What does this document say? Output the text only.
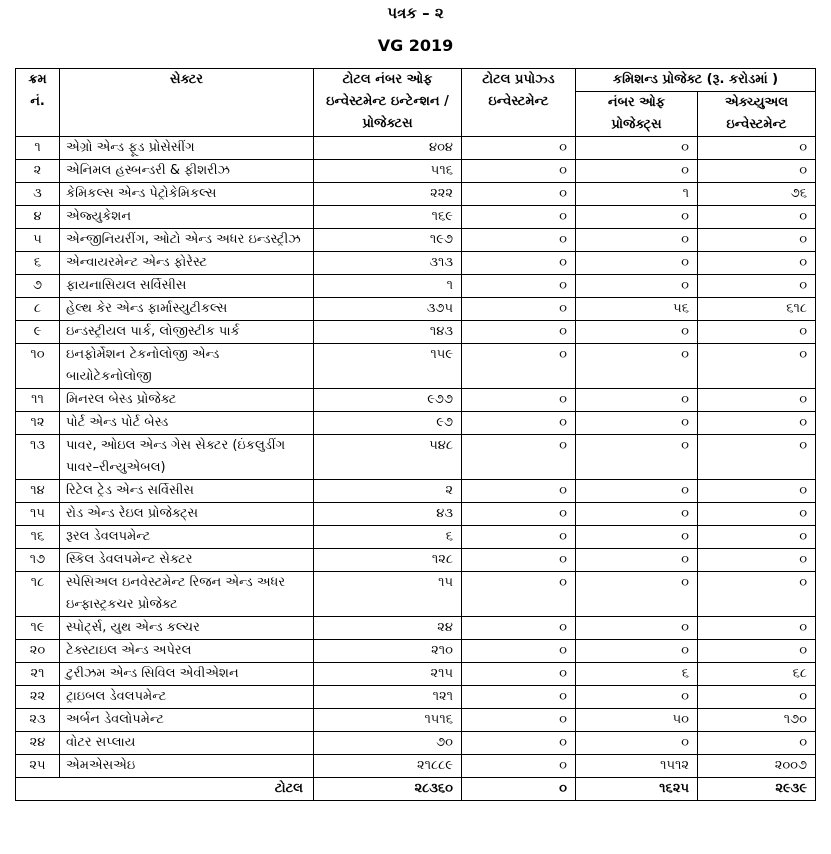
પત્રક – ૨
VG 2019
ક્રમ નં.	સેક્ટર	ટોટલ નંબર ઓફ ઇન્વેસ્ટમેન્ટ ઇન્ટેન્શન / પ્રોજેક્ટસ	ટોટલ પ્રપોઝ્ડ ઇન્વેસ્ટમેન્ટ	કમિશન્ડ પ્રોજેક્ટ (રૂ. કરોડમાં )	
				નંબર ઓફ પ્રોજેક્ટ્સ	એક્ચ્યુઅલ ઇન્વેસ્ટમેન્ટ
૧	એગ્રો એન્ડ ફૂડ પ્રોસેસીંગ	૪૦૪	૦	૦	૦
૨	એનિમલ હસ્બન્ડરી & ફીશરીઝ	૫૧૬	૦	૦	૦
૩	કેમિકલ્સ એન્ડ પેટ્રોકેમિકલ્સ	૨૨૨	૦	૧	૭૬
૪	એજ્યુકેશન	૧૬૯	૦	૦	૦
૫	એન્જીનિયરીંગ, ઓટો એન્ડ અધર ઇન્ડસ્ટ્રીઝ	૧૯૭	૦	૦	૦
૬	એન્વાયરમેન્ટ એન્ડ ફોરેસ્ટ	૩૧૩	૦	૦	૦
૭	ફાયનાસિયલ સર્વિસીસ	૧	૦	૦	૦
૮	હેલ્થ કેર એન્ડ ફાર્માસ્યુટીકલ્સ	૩૭૫	૦	૫૬	૬૧૮
૯	ઇન્ડસ્ટ્રીયલ પાર્ક, લોજીસ્ટીક પાર્ક	૧૪૩	૦	૦	૦
૧૦	ઇનફોર્મેશન ટેકનોલોજી એન્ડ બાયોટેકનોલોજી	૧૫૯	૦	૦	૦
૧૧	મિનરલ બેસ્ડ પ્રોજેક્ટ	૯૭૭	૦	૦	૦
૧૨	પોર્ટ એન્ડ પોર્ટ બેસ્ડ	૯૭	૦	૦	૦
૧૩	પાવર, ઓઇલ એન્ડ ગેસ સેક્ટર (ઇંકલુડીંગ પાવર–રીન્યુએબલ)	૫૪૮	૦	૦	૦
૧૪	રિટેલ ટ્રેડ એન્ડ સર્વિસીસ	૨	૦	૦	૦
૧૫	રોડ એન્ડ રેઇલ પ્રોજેક્ટ્સ	૪૩	૦	૦	૦
૧૬	રૂરલ ડેવલપમેન્ટ	૬	૦	૦	૦
૧૭	સ્કિલ ડેવલપમેન્ટ સેક્ટર	૧૨૮	૦	૦	૦
૧૮	સ્પેસિઅલ ઇનવેસ્ટમેન્ટ રિજન એન્ડ અધર ઇન્ફાસ્ટ્રકચર પ્રોજેક્ટ	૧૫	૦	૦	૦
૧૯	સ્પોર્ટ્સ, યુથ એન્ડ કલ્ચર	૨૪	૦	૦	૦
૨૦	ટેક્સ્ટાઇલ એન્ડ અપેરલ	૨૧૦	૦	૦	૦
૨૧	ટુરીઝમ એન્ડ સિવિલ એવીએશન	૨૧૫	૦	૬	૬૮
૨૨	ટ્રાઇબલ ડેવલપમેન્ટ	૧૨૧	૦	૦	૦
૨૩	અર્બન ડેવલોપમેન્ટ	૧૫૧૬	૦	૫૦	૧૭૦
૨૪	વોટર સપ્લાય	૭૦	૦	૦	૦
૨૫	એમએસએઇ	૨૧૮૮૯	૦	૧૫૧૨	૨૦૦૭
ટોટલ		૨૮૩૬૦	૦	૧૬૨૫	૨૯૩૯
